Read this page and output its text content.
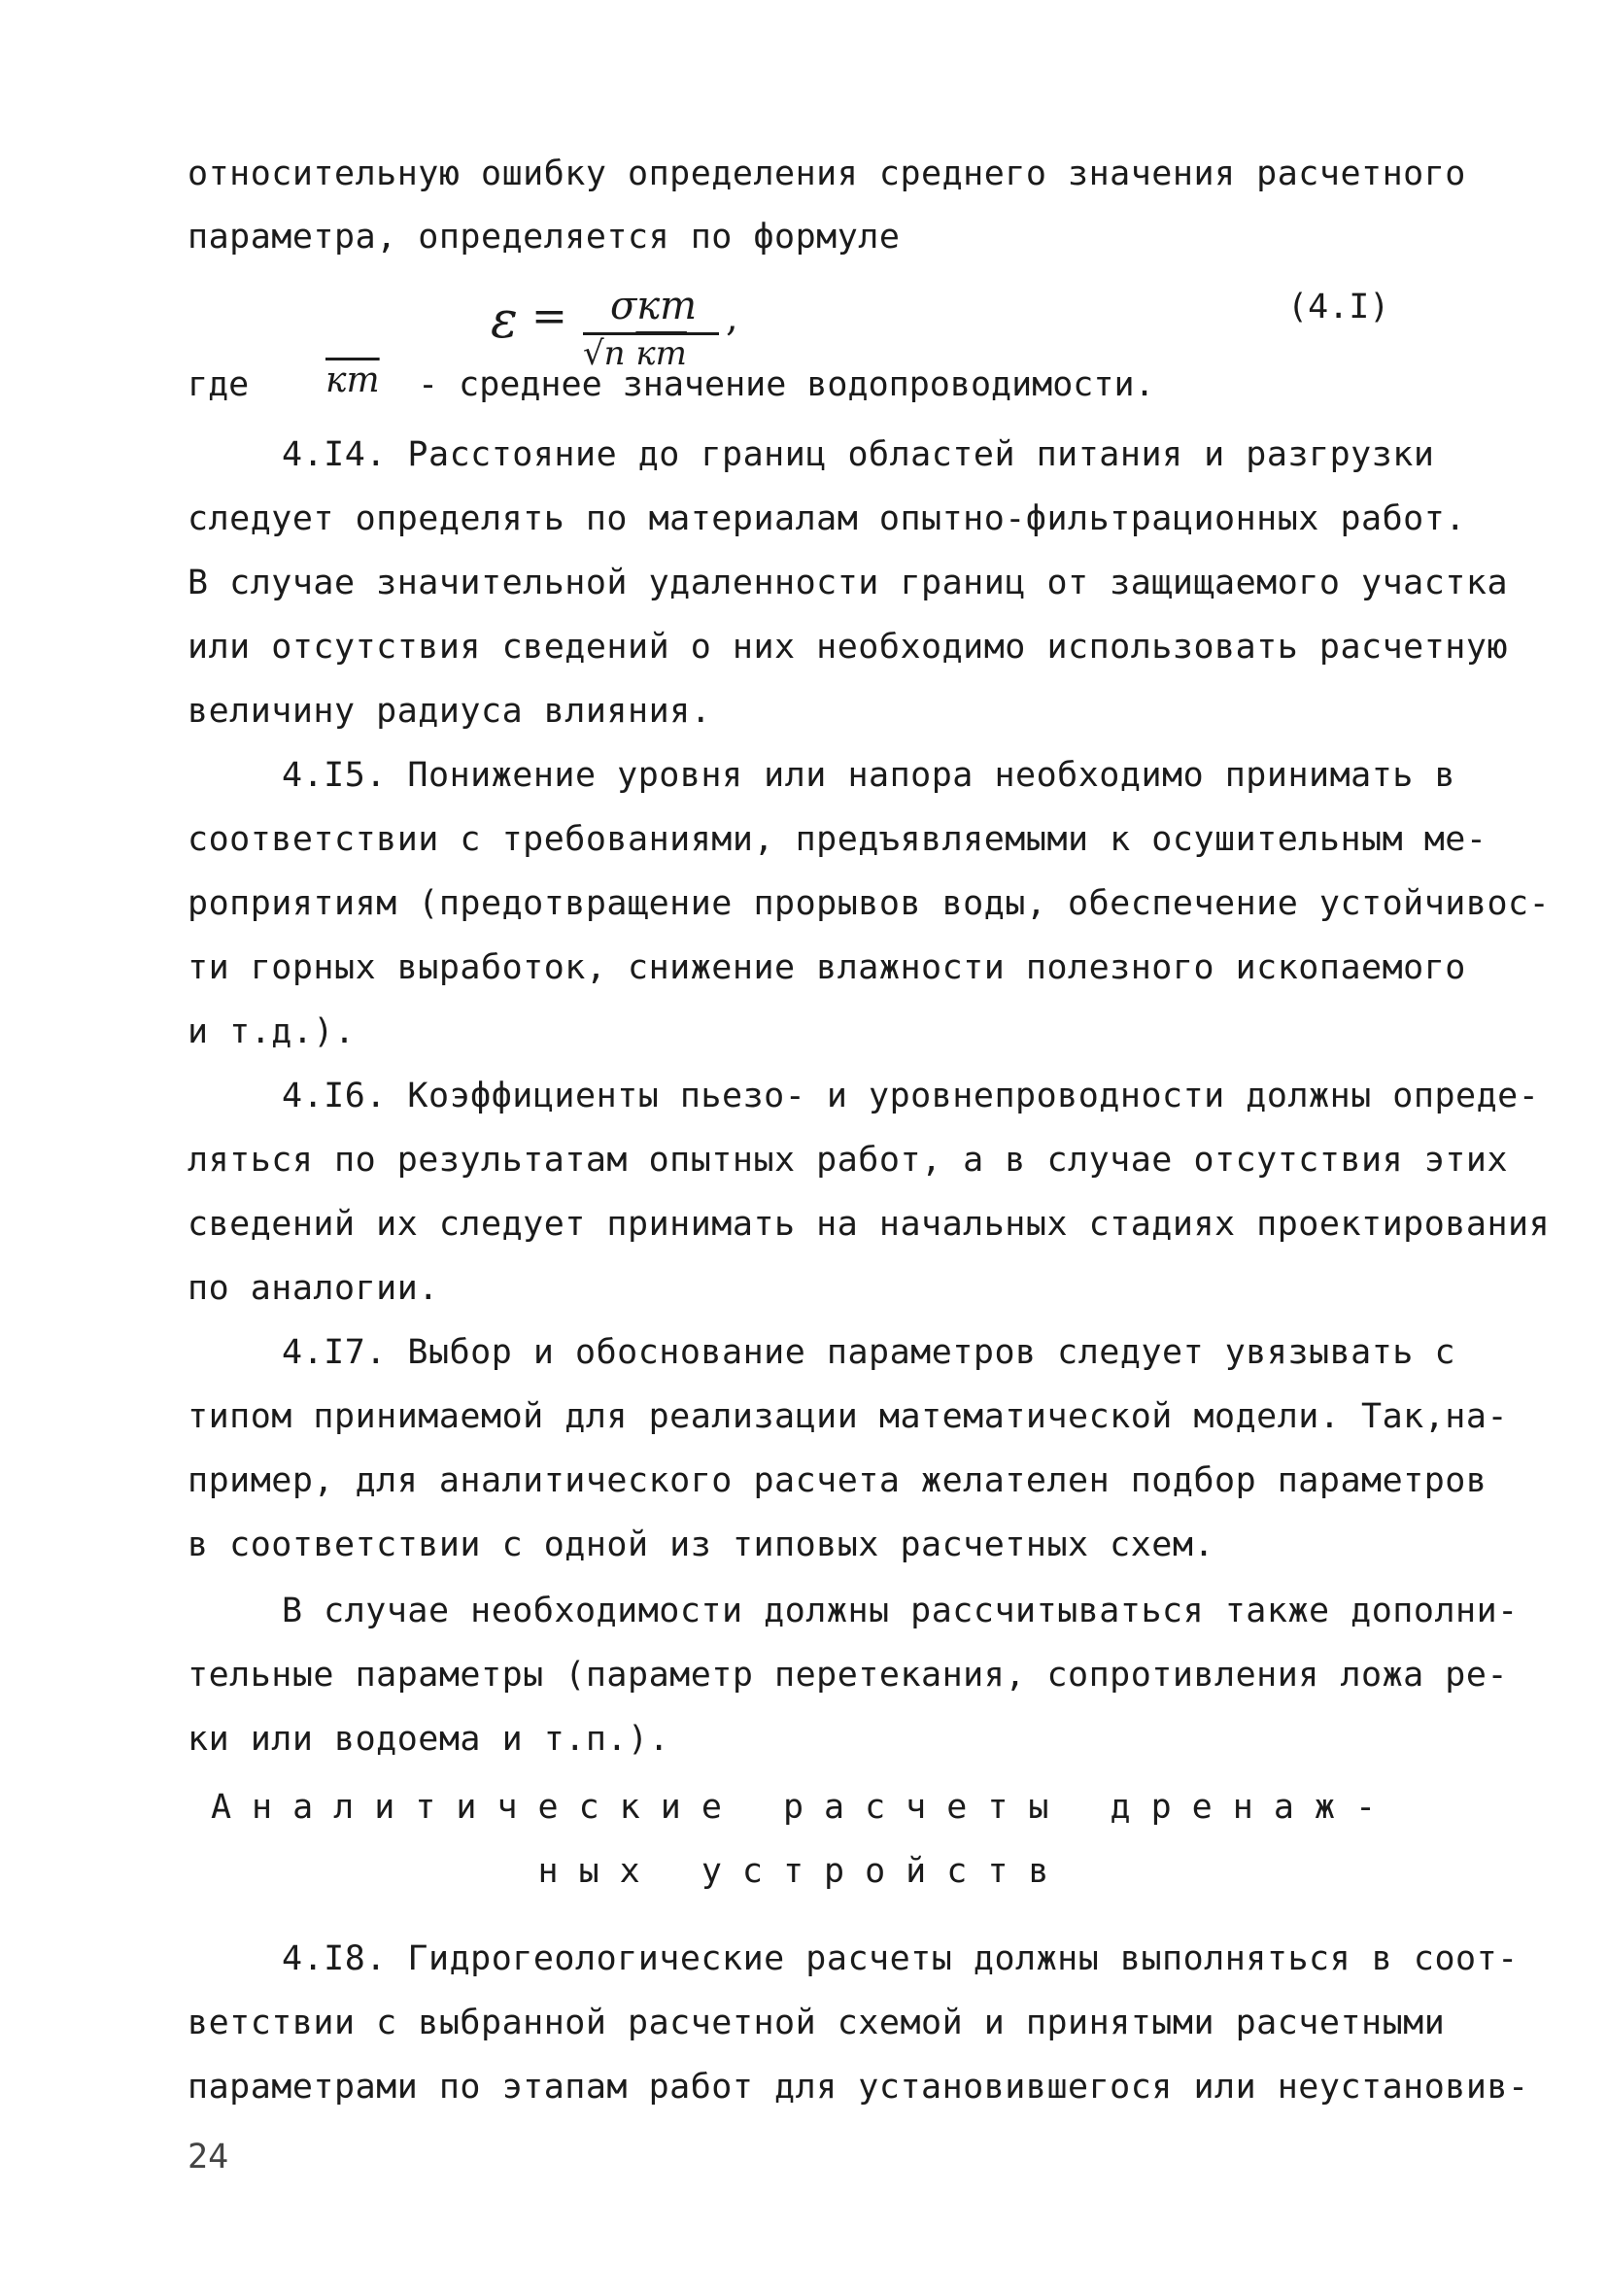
относительную ошибку определения среднего значения расчетного

параметра, определяется по формуле

ε =	σкт
√n кт
,	(4.I)

где кт - среднее значение водопроводимости.

4.I4. Расстояние до границ областей питания и разгрузки

следует определять по материалам опытно-фильтрационных работ.

В случае значительной удаленности границ от защищаемого участка

или отсутствия сведений о них необходимо использовать расчетную

величину радиуса влияния.

4.I5. Понижение уровня или напора необходимо принимать в

соответствии с требованиями, предъявляемыми к осушительным ме-

роприятиям (предотвращение прорывов воды, обеспечение устойчивос-

ти горных выработок, снижение влажности полезного ископаемого

и т.д.).

4.I6. Коэффициенты пьезо- и уровнепроводности должны опреде-

ляться по результатам опытных работ, а в случае отсутствия этих

сведений их следует принимать на начальных стадиях проектирования

по аналогии.

4.I7. Выбор и обоснование параметров следует увязывать с

типом принимаемой для реализации математической модели. Так,на-

пример, для аналитического расчета желателен подбор параметров

в соответствии с одной из типовых расчетных схем.

В случае необходимости должны рассчитываться также дополни-

тельные параметры (параметр перетекания, сопротивления ложа ре-

ки или водоема и т.п.).

Аналитические расчеты дренаж-

ных устройств

4.I8. Гидрогеологические расчеты должны выполняться в соот-

ветствии с выбранной расчетной схемой и принятыми расчетными

параметрами по этапам работ для установившегося или неустановив-

24
